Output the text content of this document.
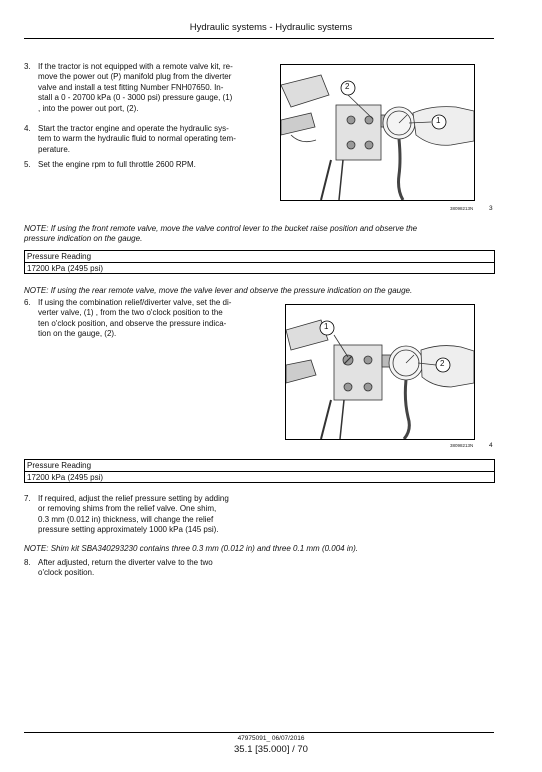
Hydraulic systems - Hydraulic systems
3. If the tractor is not equipped with a remote valve kit, re-
move the power out (P) manifold plug from the diverter
valve and install a test fitting Number FNH07650. In-
stall a 0 - 20700 kPa (0 - 3000 psi) pressure gauge, (1)
, into the power out port, (2).
4. Start the tractor engine and operate the hydraulic sys-
tem to warm the hydraulic fluid to normal operating tem-
perature.
5. Set the engine rpm to full throttle 2600 RPM.
2
1
38098213N 3
NOTE: If using the front remote valve, move the valve control lever to the bucket raise position and observe the
pressure indication on the gauge.
Pressure Reading
17200 kPa (2495 psi)
NOTE: If using the rear remote valve, move the valve lever and observe the pressure indication on the gauge.
6. If using the combination relief/diverter valve, set the di-
verter valve, (1) , from the two o'clock position to the
ten o'clock position, and observe the pressure indica-
tion on the gauge, (2).
1
2
38098213N 4
Pressure Reading
17200 kPa (2495 psi)
7. If required, adjust the relief pressure setting by adding
or removing shims from the relief valve. One shim,
0.3 mm (0.012 in) thickness, will change the relief
pressure setting approximately 1000 kPa (145 psi).
NOTE: Shim kit SBA340293230 contains three 0.3 mm (0.012 in) and three 0.1 mm (0.004 in).
8. After adjusted, return the diverter valve to the two
o'clock position.
47975091_ 06/07/2016
35.1 [35.000] / 70
